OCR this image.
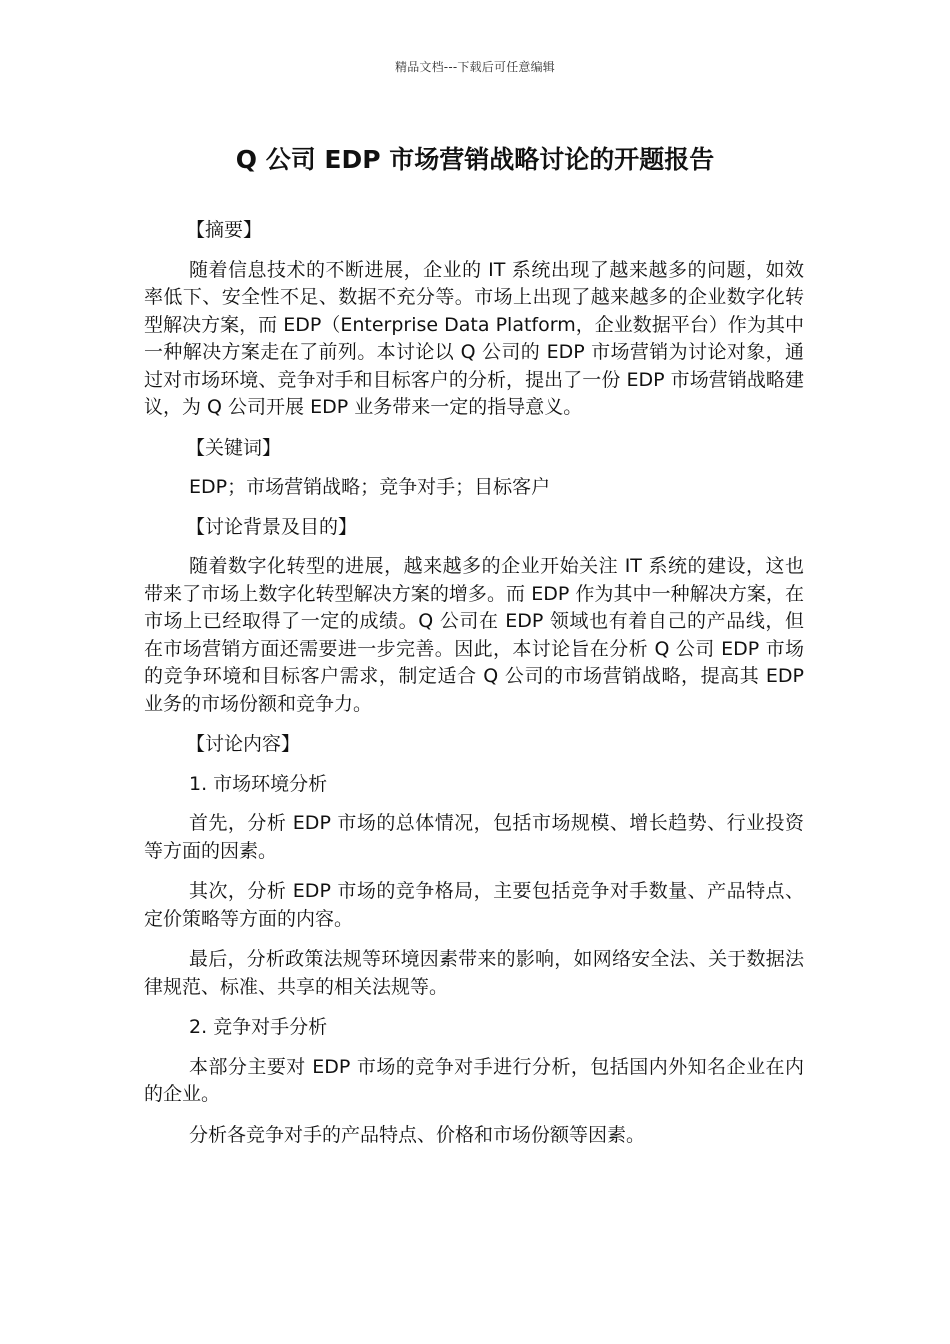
精品文档---下载后可任意编辑
Q 公司 EDP 市场营销战略讨论的开题报告

【摘要】

随着信息技术的不断进展，企业的 IT 系统出现了越来越多的问题，如效率低下、安全性不足、数据不充分等。市场上出现了越来越多的企业数字化转型解决方案，而 EDP（Enterprise Data Platform，企业数据平台）作为其中一种解决方案走在了前列。本讨论以 Q 公司的 EDP 市场营销为讨论对象，通过对市场环境、竞争对手和目标客户的分析，提出了一份 EDP 市场营销战略建议，为 Q 公司开展 EDP 业务带来一定的指导意义。

【关键词】

EDP；市场营销战略；竞争对手；目标客户

【讨论背景及目的】

随着数字化转型的进展，越来越多的企业开始关注 IT 系统的建设，这也带来了市场上数字化转型解决方案的增多。而 EDP 作为其中一种解决方案，在市场上已经取得了一定的成绩。Q 公司在 EDP 领域也有着自己的产品线，但在市场营销方面还需要进一步完善。因此，本讨论旨在分析 Q 公司 EDP 市场的竞争环境和目标客户需求，制定适合 Q 公司的市场营销战略，提高其 EDP 业务的市场份额和竞争力。

【讨论内容】

1. 市场环境分析

首先，分析 EDP 市场的总体情况，包括市场规模、增长趋势、行业投资等方面的因素。

其次，分析 EDP 市场的竞争格局，主要包括竞争对手数量、产品特点、定价策略等方面的内容。

最后，分析政策法规等环境因素带来的影响，如网络安全法、关于数据法律规范、标准、共享的相关法规等。

2. 竞争对手分析

本部分主要对 EDP 市场的竞争对手进行分析，包括国内外知名企业在内的企业。

分析各竞争对手的产品特点、价格和市场份额等因素。
